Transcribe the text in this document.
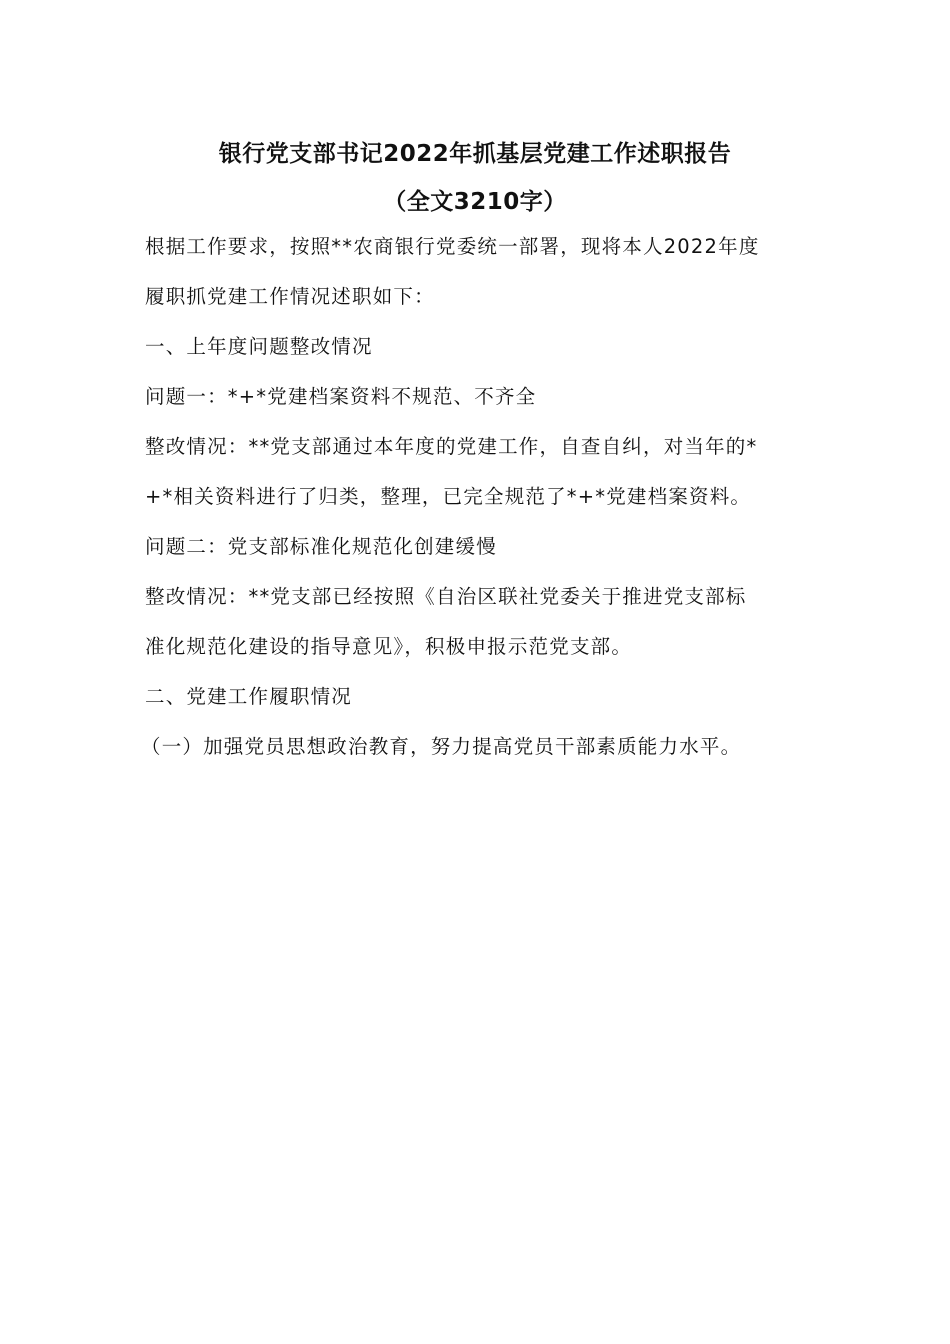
银行党支部书记2022年抓基层党建工作述职报告
（全文3210字）

根据工作要求，按照**农商银行党委统一部署，现将本人2022年度

履职抓党建工作情况述职如下：

一、上年度问题整改情况

问题一：*+*党建档案资料不规范、不齐全

整改情况：**党支部通过本年度的党建工作，自查自纠，对当年的*

+*相关资料进行了归类，整理，已完全规范了*+*党建档案资料。

问题二：党支部标准化规范化创建缓慢

整改情况：**党支部已经按照《自治区联社党委关于推进党支部标

准化规范化建设的指导意见》，积极申报示范党支部。

二、党建工作履职情况

（一）加强党员思想政治教育，努力提高党员干部素质能力水平。
